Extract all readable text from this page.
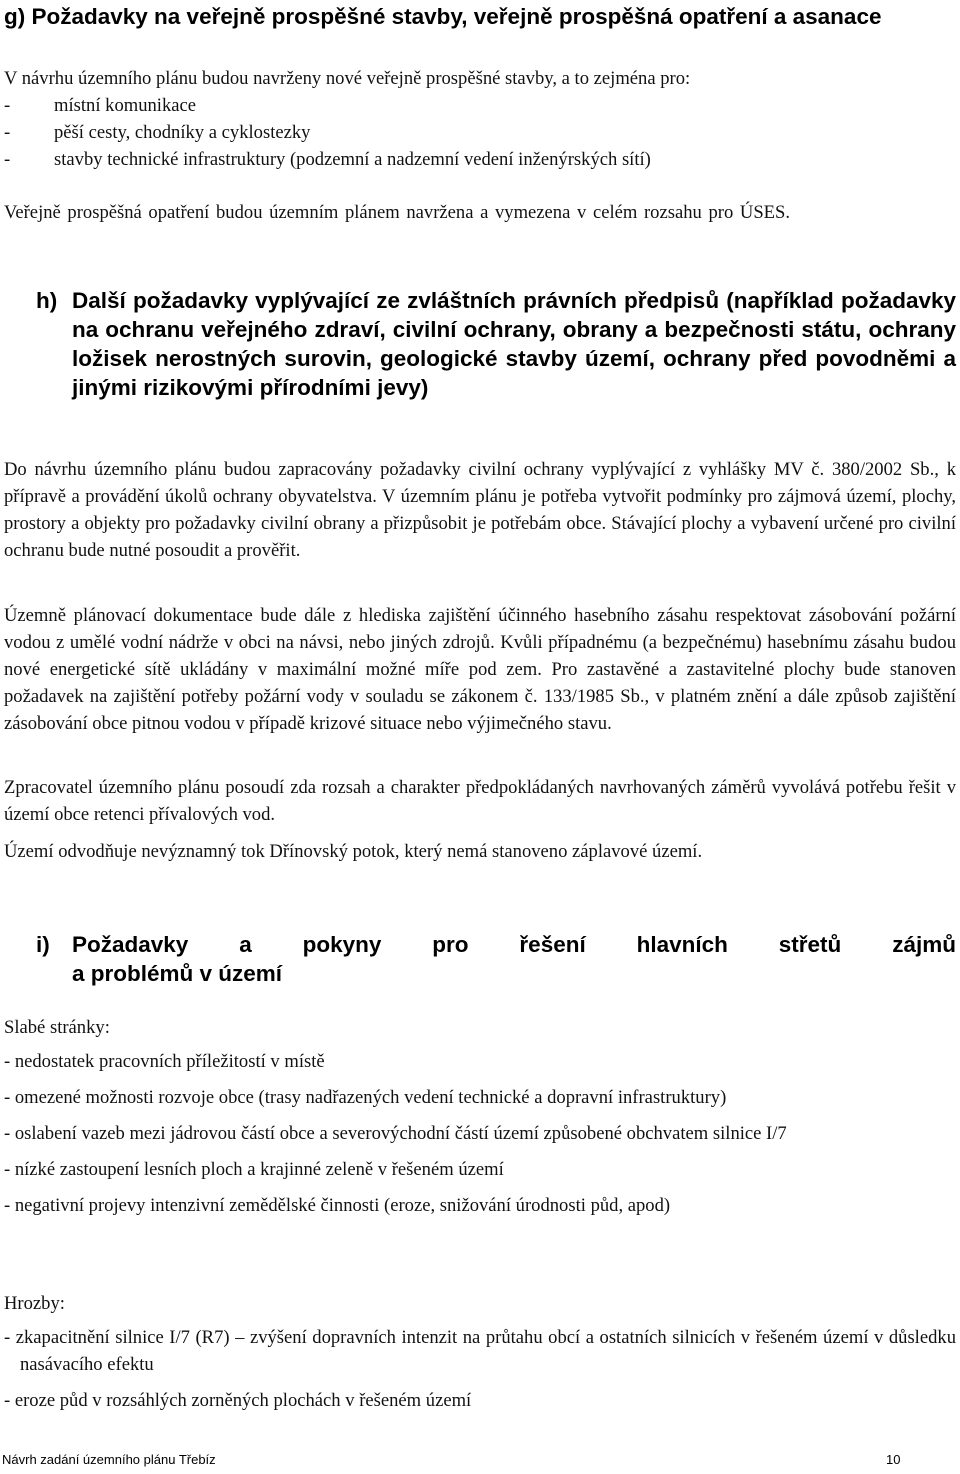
g) Požadavky na veřejně prospěšné stavby, veřejně prospěšná opatření a asanace

V návrhu územního plánu budou navrženy nové veřejně prospěšné stavby, a to zejména pro:

- místní komunikace
- pěší cesty, chodníky a cyklostezky
- stavby technické infrastruktury (podzemní a nadzemní vedení inženýrských sítí)

Veřejně prospěšná opatření budou územním plánem navržena a vymezena v celém rozsahu pro ÚSES.

h) Další požadavky vyplývající ze zvláštních právních předpisů (například požadavky na ochranu veřejného zdraví, civilní ochrany, obrany a bezpečnosti státu, ochrany ložisek nerostných surovin, geologické stavby území, ochrany před povodněmi a jinými rizikovými přírodními jevy)

Do návrhu územního plánu budou zapracovány požadavky civilní ochrany vyplývající z vyhlášky MV č. 380/2002 Sb., k přípravě a provádění úkolů ochrany obyvatelstva. V územním plánu je potřeba vytvořit podmínky pro zájmová území, plochy, prostory a objekty pro požadavky civilní obrany a přizpůsobit je potřebám obce. Stávající plochy a vybavení určené pro civilní ochranu bude nutné posoudit a prověřit.

Územně plánovací dokumentace bude dále z hlediska zajištění účinného hasebního zásahu respektovat zásobování požární vodou z umělé vodní nádrže v obci na návsi, nebo jiných zdrojů. Kvůli případnému (a bezpečnému) hasebnímu zásahu budou nové energetické sítě ukládány v maximální možné míře pod zem. Pro zastavěné a zastavitelné plochy bude stanoven požadavek na zajištění potřeby požární vody v souladu se zákonem č. 133/1985 Sb., v platném znění a dále způsob zajištění zásobování obce pitnou vodou v případě krizové situace nebo výjimečného stavu.

Zpracovatel územního plánu posoudí zda rozsah a charakter předpokládaných navrhovaných záměrů vyvolává potřebu řešit v území obce retenci přívalových vod.

Území odvodňuje nevýznamný tok Dřínovský potok, který nemá stanoveno záplavové území.

i) Požadavky a pokyny pro řešení hlavních střetů zájmů
a problémů v území
Slabé stránky:
- nedostatek pracovních příležitostí v místě
- omezené možnosti rozvoje obce (trasy nadřazených vedení technické a dopravní infrastruktury)
- oslabení vazeb mezi jádrovou částí obce a severovýchodní částí území způsobené obchvatem silnice I/7
- nízké zastoupení lesních ploch a krajinné zeleně v řešeném území
- negativní projevy intenzivní zemědělské činnosti (eroze, snižování úrodnosti půd, apod)
Hrozby:
- zkapacitnění silnice I/7 (R7) – zvýšení dopravních intenzit na průtahu obcí a ostatních silnicích v řešeném území v důsledku nasávacího efektu
- eroze půd v rozsáhlých zorněných plochách v řešeném území
Návrh zadání územního plánu Třebíz	10
